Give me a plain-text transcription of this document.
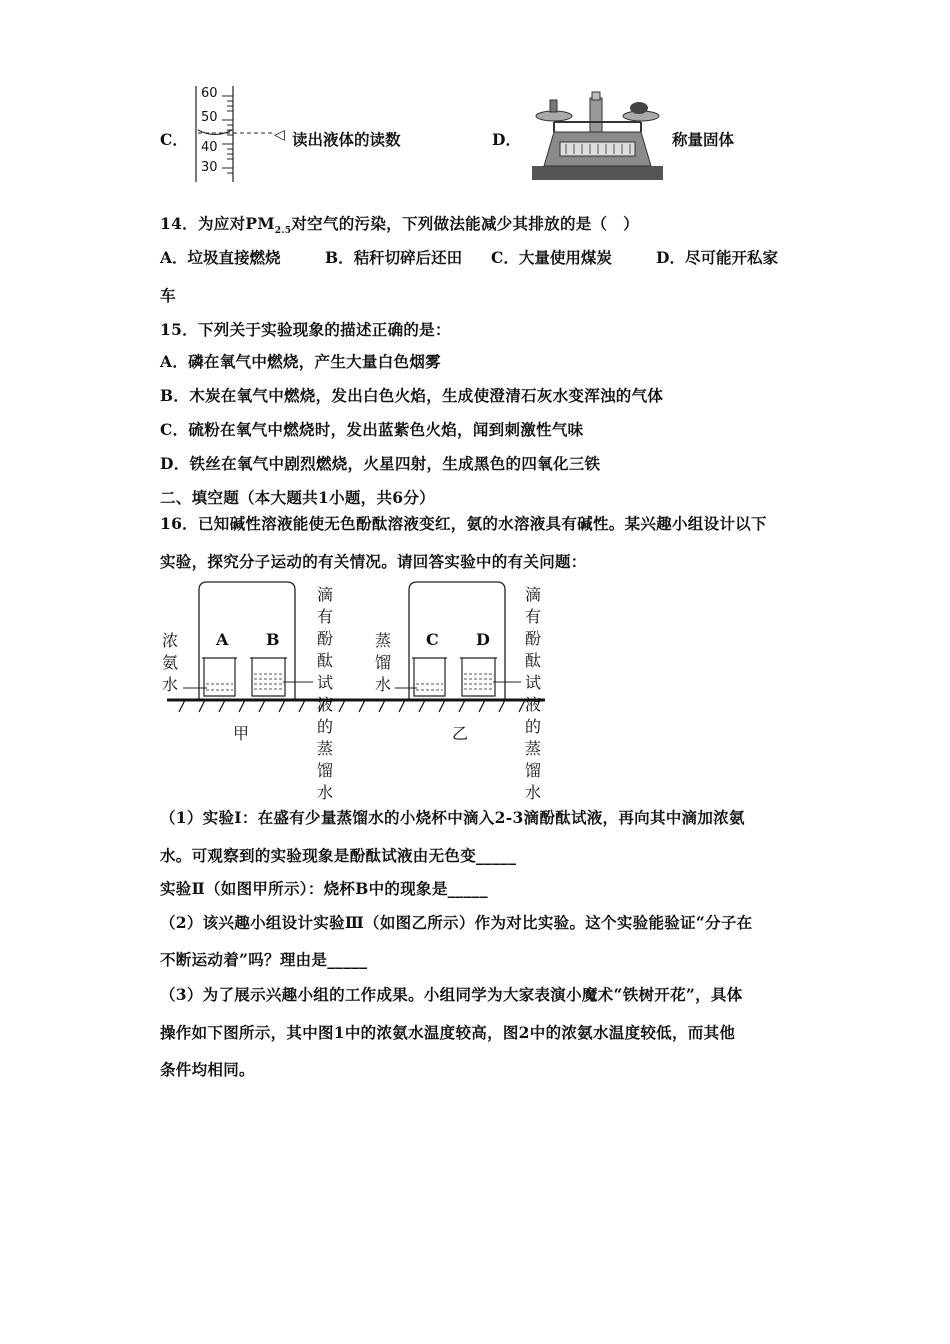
C．
60
50
40
30
◁ 读出液体的读数	D．	称量固体
14．为应对$PM_{2.5}$对空气的污染，下列做法能减少其排放的是（　）
A．垃圾直接燃烧	B．秸秆切碎后还田 C．大量使用煤炭	D．尽可能开私家
车
15．下列关于实验现象的描述正确的是：
A．磷在氧气中燃烧，产生大量白色烟雾
B．木炭在氧气中燃烧，发出白色火焰，生成使澄清石灰水变浑浊的气体
C．硫粉在氧气中燃烧时，发出蓝紫色火焰，闻到刺激性气味
D．铁丝在氧气中剧烈燃烧，火星四射，生成黑色的四氧化三铁
二、填空题（本大题共1小题，共6分）
16．已知碱性溶液能使无色酚酞溶液变红，氨的水溶液具有碱性。某兴趣小组设计以下
实验，探究分子运动的有关情况。请回答实验中的有关问题：
浓氨水
滴有酚酞试液的蒸馏水
蒸馏水
滴有酚酞试液的蒸馏水
A B	C D
甲	乙
（1）实验Ⅰ：在盛有少量蒸馏水的小烧杯中滴入2-3滴酚酞试液，再向其中滴加浓氨
水。可观察到的实验现象是酚酞试液由无色变_____
实验Ⅱ（如图甲所示）：烧杯B中的现象是_____
（2）该兴趣小组设计实验Ⅲ（如图乙所示）作为对比实验。这个实验能验证“分子在
不断运动着”吗？理由是_____
（3）为了展示兴趣小组的工作成果。小组同学为大家表演小魔术“铁树开花”，具体
操作如下图所示，其中图1中的浓氨水温度较高，图2中的浓氨水温度较低，而其他
条件均相同。
